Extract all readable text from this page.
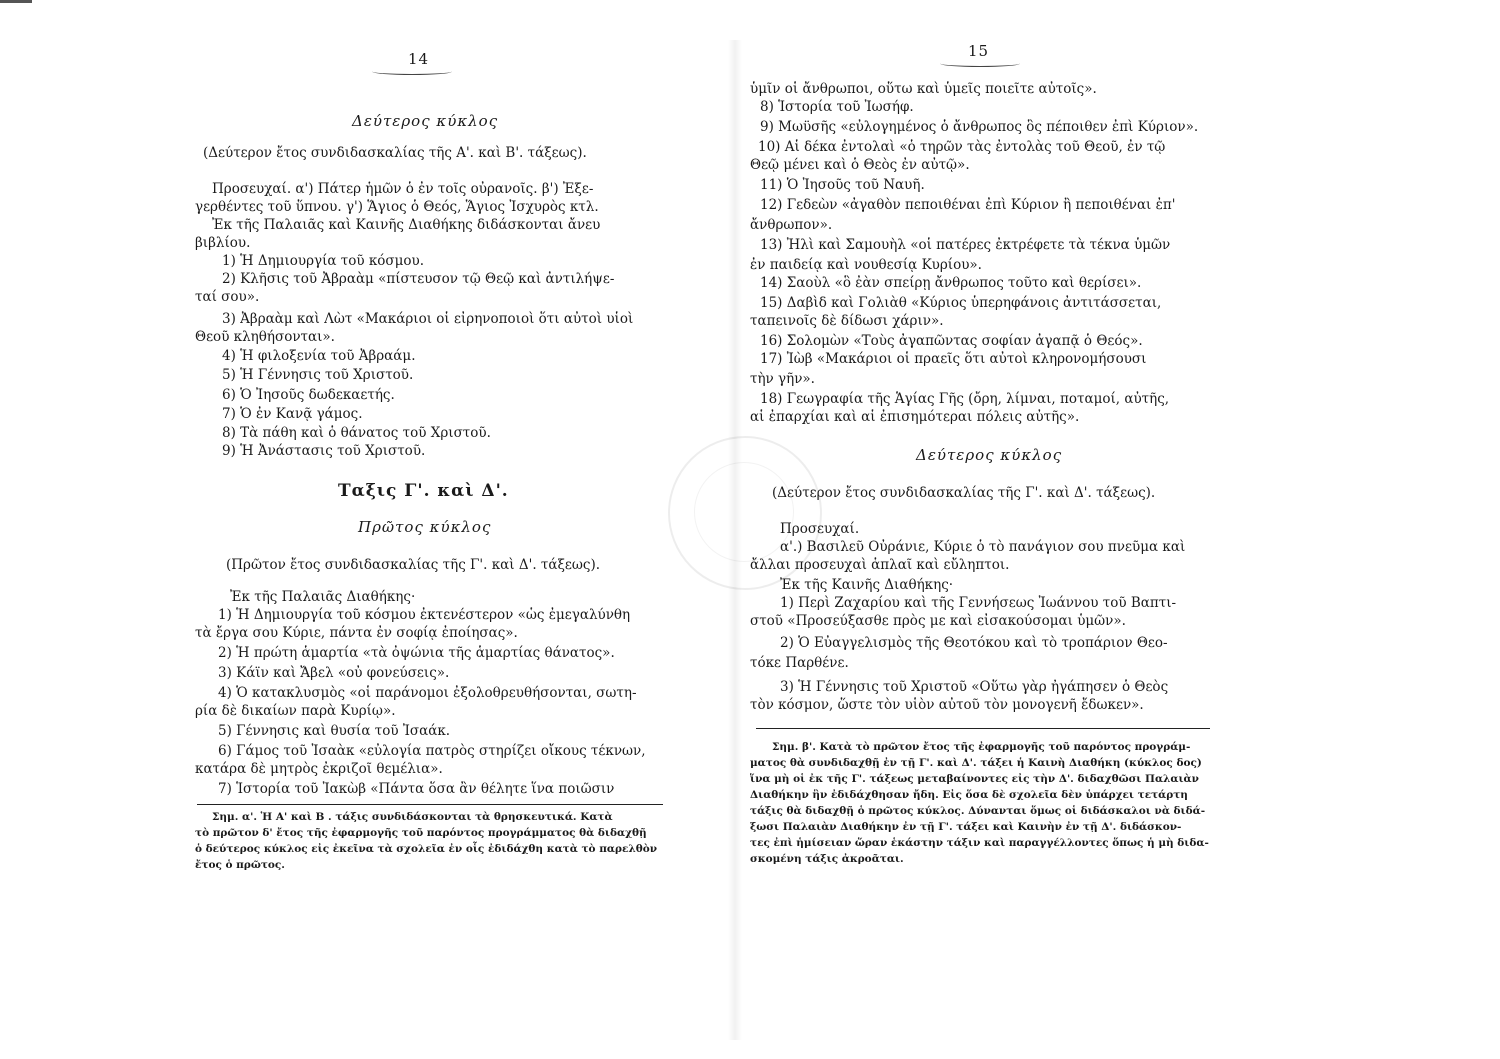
14
Δεύτερος κύκλος
(Δεύτερον ἔτος συνδιδασκαλίας τῆς Α'. καὶ Β'. τάξεως).
Προσευχαί. α') Πάτερ ἡμῶν ὁ ἐν τοῖς οὐρανοῖς. β') Ἐξε-
γερθέντες τοῦ ὕπνου. γ') Ἅγιος ὁ Θεός, Ἅγιος Ἰσχυρὸς κτλ.
Ἐκ τῆς Παλαιᾶς καὶ Καινῆς Διαθήκης διδάσκονται ἄνευ
βιβλίου.
1) Ἡ Δημιουργία τοῦ κόσμου.
2) Κλῆσις τοῦ Ἀβραὰμ «πίστευσον τῷ Θεῷ καὶ ἀντιλήψε-
ταί σου».
3) Ἀβραὰμ καὶ Λὼτ «Μακάριοι οἱ εἰρηνοποιοὶ ὅτι αὐτοὶ υἱοὶ
Θεοῦ κληθήσονται».
4) Ἡ φιλοξενία τοῦ Ἀβραάμ.
5) Ἡ Γέννησις τοῦ Χριστοῦ.
6) Ὁ Ἰησοῦς δωδεκαετής.
7) Ὁ ἐν Κανᾷ γάμος.
8) Τὰ πάθη καὶ ὁ θάνατος τοῦ Χριστοῦ.
9) Ἡ Ἀνάστασις τοῦ Χριστοῦ.
Ταξις Γ'. καὶ Δ'.
Πρῶτος κύκλος
(Πρῶτον ἔτος συνδιδασκαλίας τῆς Γ'. καὶ Δ'. τάξεως).
Ἐκ τῆς Παλαιᾶς Διαθήκης·
1) Ἡ Δημιουργία τοῦ κόσμου ἐκτενέστερον «ὡς ἐμεγαλύνθη
τὰ ἔργα σου Κύριε, πάντα ἐν σοφίᾳ ἐποίησας».
2) Ἡ πρώτη ἁμαρτία «τὰ ὀψώνια τῆς ἁμαρτίας θάνατος».
3) Κάϊν καὶ Ἄβελ «οὐ φονεύσεις».
4) Ὁ κατακλυσμὸς «οἱ παράνομοι ἐξολοθρευθήσονται, σωτη-
ρία δὲ δικαίων παρὰ Κυρίῳ».
5) Γέννησις καὶ θυσία τοῦ Ἰσαάκ.
6) Γάμος τοῦ Ἰσαὰκ «εὐλογία πατρὸς στηρίζει οἴκους τέκνων,
κατάρα δὲ μητρὸς ἐκριζοῖ θεμέλια».
7) Ἱστορία τοῦ Ἰακὼβ «Πάντα ὅσα ἂν θέλητε ἵνα ποιῶσιν
Σημ. α'. Ἡ Α' καὶ Β . τάξις συνδιδάσκονται τὰ θρησκευτικά. Κατὰ
τὸ πρῶτον δ' ἔτος τῆς ἐφαρμογῆς τοῦ παρόντος προγράμματος θὰ διδαχθῇ
ὁ δεύτερος κύκλος εἰς ἐκεῖνα τὰ σχολεῖα ἐν οἷς ἐδιδάχθη κατὰ τὸ παρελθὸν
ἔτος ὁ πρῶτος.
15
ὑμῖν οἱ ἄνθρωποι, οὕτω καὶ ὑμεῖς ποιεῖτε αὐτοῖς».
8) Ἱστορία τοῦ Ἰωσήφ.
9) Μωϋσῆς «εὐλογημένος ὁ ἄνθρωπος ὃς πέποιθεν ἐπὶ Κύριον».
10) Αἱ δέκα ἐντολαὶ «ὁ τηρῶν τὰς ἐντολὰς τοῦ Θεοῦ, ἐν τῷ
Θεῷ μένει καὶ ὁ Θεὸς ἐν αὐτῷ».
11) Ὁ Ἰησοῦς τοῦ Ναυῆ.
12) Γεδεὼν «ἀγαθὸν πεποιθέναι ἐπὶ Κύριον ἢ πεποιθέναι ἐπ'
ἄνθρωπον».
13) Ἠλὶ καὶ Σαμουὴλ «οἱ πατέρες ἐκτρέφετε τὰ τέκνα ὑμῶν
ἐν παιδείᾳ καὶ νουθεσίᾳ Κυρίου».
14) Σαοὺλ «ὃ ἐὰν σπείρῃ ἄνθρωπος τοῦτο καὶ θερίσει».
15) Δαβὶδ καὶ Γολιὰθ «Κύριος ὑπερηφάνοις ἀντιτάσσεται,
ταπεινοῖς δὲ δίδωσι χάριν».
16) Σολομὼν «Τοὺς ἀγαπῶντας σοφίαν ἀγαπᾷ ὁ Θεός».
17) Ἰὼβ «Μακάριοι οἱ πραεῖς ὅτι αὐτοὶ κληρονομήσουσι
τὴν γῆν».
18) Γεωγραφία τῆς Ἁγίας Γῆς (ὄρη, λίμναι, ποταμοί, αὐτῆς,
αἱ ἐπαρχίαι καὶ αἱ ἐπισημότεραι πόλεις αὐτῆς».
Δεύτερος κύκλος
(Δεύτερον ἔτος συνδιδασκαλίας τῆς Γ'. καὶ Δ'. τάξεως).
Προσευχαί.
α'.) Βασιλεῦ Οὐράνιε, Κύριε ὁ τὸ πανάγιον σου πνεῦμα καὶ
ἄλλαι προσευχαὶ ἁπλαῖ καὶ εὔληπτοι.
Ἐκ τῆς Καινῆς Διαθήκης·
1) Περὶ Ζαχαρίου καὶ τῆς Γεννήσεως Ἰωάννου τοῦ Βαπτι-
στοῦ «Προσεύξασθε πρὸς με καὶ εἰσακούσομαι ὑμῶν».
2) Ὁ Εὐαγγελισμὸς τῆς Θεοτόκου καὶ τὸ τροπάριον Θεο-
τόκε Παρθένε.
3) Ἡ Γέννησις τοῦ Χριστοῦ «Οὕτω γὰρ ἠγάπησεν ὁ Θεὸς
τὸν κόσμον, ὥστε τὸν υἱὸν αὐτοῦ τὸν μονογενῆ ἔδωκεν».
Σημ. β'. Κατὰ τὸ πρῶτον ἔτος τῆς ἐφαρμογῆς τοῦ παρόντος προγράμ-
ματος θὰ συνδιδαχθῇ ἐν τῇ Γ'. καὶ Δ'. τάξει ἡ Καινὴ Διαθήκη (κύκλος δος)
ἵνα μὴ οἱ ἐκ τῆς Γ'. τάξεως μεταβαίνοντες εἰς τὴν Δ'. διδαχθῶσι Παλαιὰν
Διαθήκην ἣν ἐδιδάχθησαν ἤδη. Εἰς ὅσα δὲ σχολεῖα δὲν ὑπάρχει τετάρτη
τάξις θὰ διδαχθῇ ὁ πρῶτος κύκλος. Δύνανται ὅμως οἱ διδάσκαλοι νὰ διδά-
ξωσι Παλαιὰν Διαθήκην ἐν τῇ Γ'. τάξει καὶ Καινὴν ἐν τῇ Δ'. διδάσκον-
τες ἐπὶ ἡμίσειαν ὥραν ἑκάστην τάξιν καὶ παραγγέλλοντες ὅπως ἡ μὴ διδα-
σκομένη τάξις ἀκροᾶται.
